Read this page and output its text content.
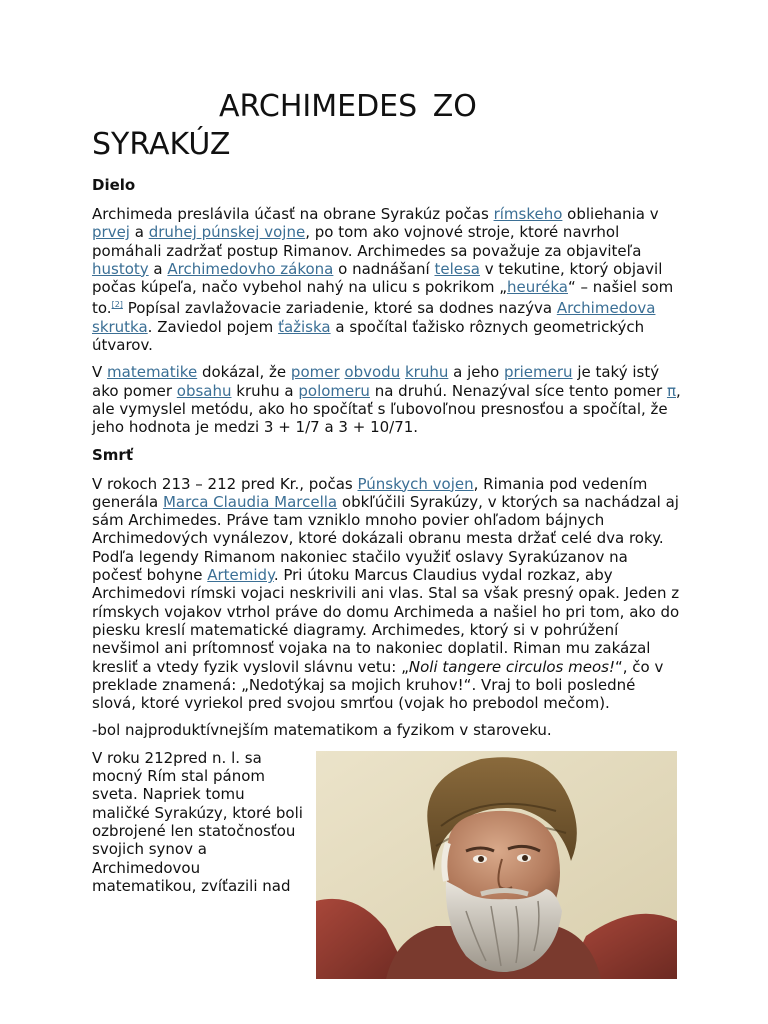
ARCHIMEDES ZO
SYRAKÚZ
Dielo

Archimeda preslávila účasť na obrane Syrakúz počas rímskeho obliehania v prvej a druhej púnskej vojne, po tom ako vojnové stroje, ktoré navrhol pomáhali zadržať postup Rimanov. Archimedes sa považuje za objaviteľa hustoty a Archimedovho zákona o nadnášaní telesa v tekutine, ktorý objavil počas kúpeľa, načo vybehol nahý na ulicu s pokrikom „heuréka“ – našiel som to.[2] Popísal zavlažovacie zariadenie, ktoré sa dodnes nazýva Archimedova skrutka. Zaviedol pojem ťažiska a spočítal ťažisko rôznych geometrických útvarov.

V matematike dokázal, že pomer obvodu kruhu a jeho priemeru je taký istý ako pomer obsahu kruhu a polomeru na druhú. Nenazýval síce tento pomer π, ale vymyslel metódu, ako ho spočítať s ľubovoľnou presnosťou a spočítal, že jeho hodnota je medzi 3 + 1/7 a 3 + 10/71.

Smrť

V rokoch 213 – 212 pred Kr., počas Púnskych vojen, Rimania pod vedením generála Marca Claudia Marcella obkľúčili Syrakúzy, v ktorých sa nachádzal aj sám Archimedes. Práve tam vzniklo mnoho povier ohľadom bájnych Archimedových vynálezov, ktoré dokázali obranu mesta držať celé dva roky. Podľa legendy Rimanom nakoniec stačilo využiť oslavy Syrakúzanov na počesť bohyne Artemidy. Pri útoku Marcus Claudius vydal rozkaz, aby Archimedovi rímski vojaci neskrivili ani vlas. Stal sa však presný opak. Jeden z rímskych vojakov vtrhol práve do domu Archimeda a našiel ho pri tom, ako do piesku kreslí matematické diagramy. Archimedes, ktorý si v pohrúžení nevšimol ani prítomnosť vojaka na to nakoniec doplatil. Riman mu zakázal kresliť a vtedy fyzik vyslovil slávnu vetu: „Noli tangere circulos meos!“, čo v preklade znamená: „Nedotýkaj sa mojich kruhov!“. Vraj to boli posledné slová, ktoré vyriekol pred svojou smrťou (vojak ho prebodol mečom).

-bol najproduktívnejším matematikom a fyzikom v staroveku.

V roku 212pred n. l. sa mocný Rím stal pánom sveta. Napriek tomu maličké Syrakúzy, ktoré boli ozbrojené len statočnosťou svojich synov a Archimedovou matematikou, zvíťazili nad
